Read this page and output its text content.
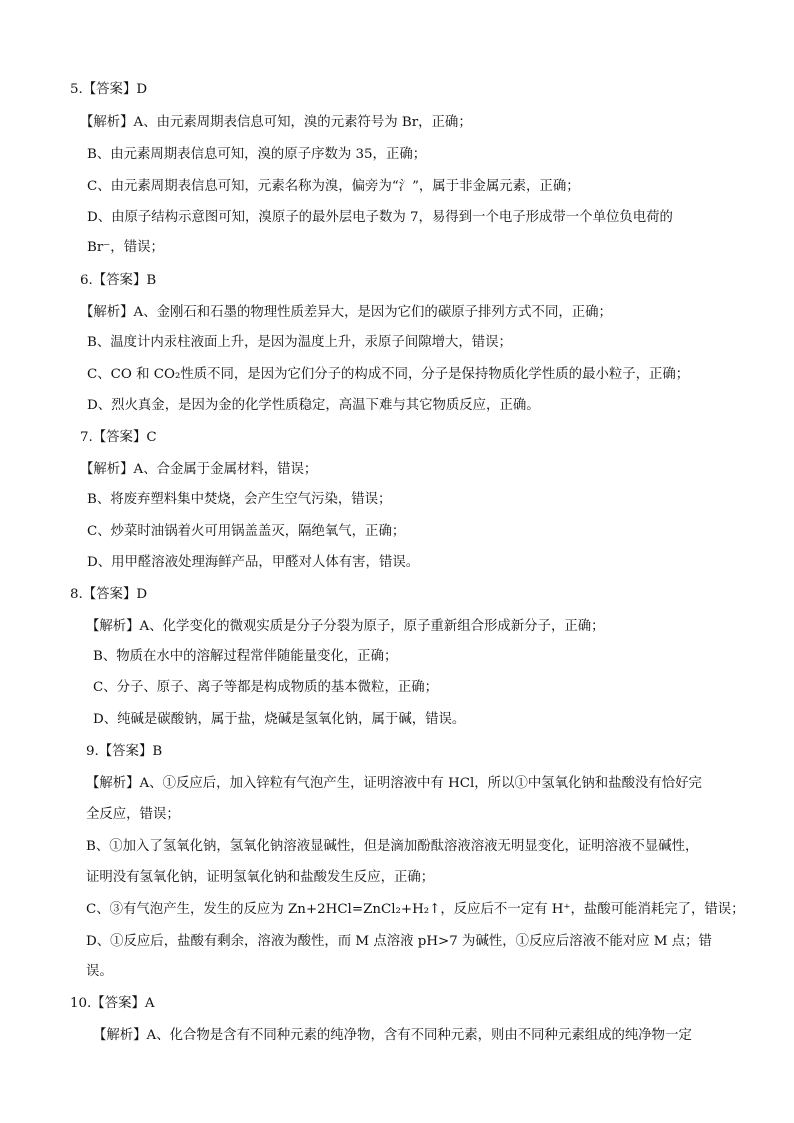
5.【答案】D
【解析】A、由元素周期表信息可知，溴的元素符号为 Br，正确；
B、由元素周期表信息可知，溴的原子序数为 35，正确；
C、由元素周期表信息可知，元素名称为溴，偏旁为“氵”，属于非金属元素，正确；
D、由原子结构示意图可知，溴原子的最外层电子数为 7，易得到一个电子形成带一个单位负电荷的
Br⁻，错误；
6.【答案】B
【解析】A、金刚石和石墨的物理性质差异大，是因为它们的碳原子排列方式不同，正确；
B、温度计内汞柱液面上升，是因为温度上升，汞原子间隙增大，错误；
C、CO 和 CO₂性质不同，是因为它们分子的构成不同，分子是保持物质化学性质的最小粒子，正确；
D、烈火真金，是因为金的化学性质稳定，高温下难与其它物质反应，正确。
7.【答案】C
【解析】A、合金属于金属材料，错误；
B、将废弃塑料集中焚烧，会产生空气污染，错误；
C、炒菜时油锅着火可用锅盖盖灭，隔绝氧气，正确；
D、用甲醛溶液处理海鲜产品，甲醛对人体有害，错误。
8.【答案】D
【解析】A、化学变化的微观实质是分子分裂为原子，原子重新组合形成新分子，正确；
B、物质在水中的溶解过程常伴随能量变化，正确；
C、分子、原子、离子等都是构成物质的基本微粒，正确；
D、纯碱是碳酸钠，属于盐，烧碱是氢氧化钠，属于碱，错误。
9.【答案】B
【解析】A、①反应后，加入锌粒有气泡产生，证明溶液中有 HCl，所以①中氢氧化钠和盐酸没有恰好完
全反应，错误；
B、①加入了氢氧化钠，氢氧化钠溶液显碱性，但是滴加酚酞溶液溶液无明显变化，证明溶液不显碱性，
证明没有氢氧化钠，证明氢氧化钠和盐酸发生反应，正确；
C、③有气泡产生，发生的反应为 Zn+2HCl=ZnCl₂+H₂↑，反应后不一定有 H⁺，盐酸可能消耗完了，错误；
D、①反应后，盐酸有剩余，溶液为酸性，而 M 点溶液 pH>7 为碱性，①反应后溶液不能对应 M 点；错
误。
10.【答案】A
【解析】A、化合物是含有不同种元素的纯净物，含有不同种元素，则由不同种元素组成的纯净物一定
